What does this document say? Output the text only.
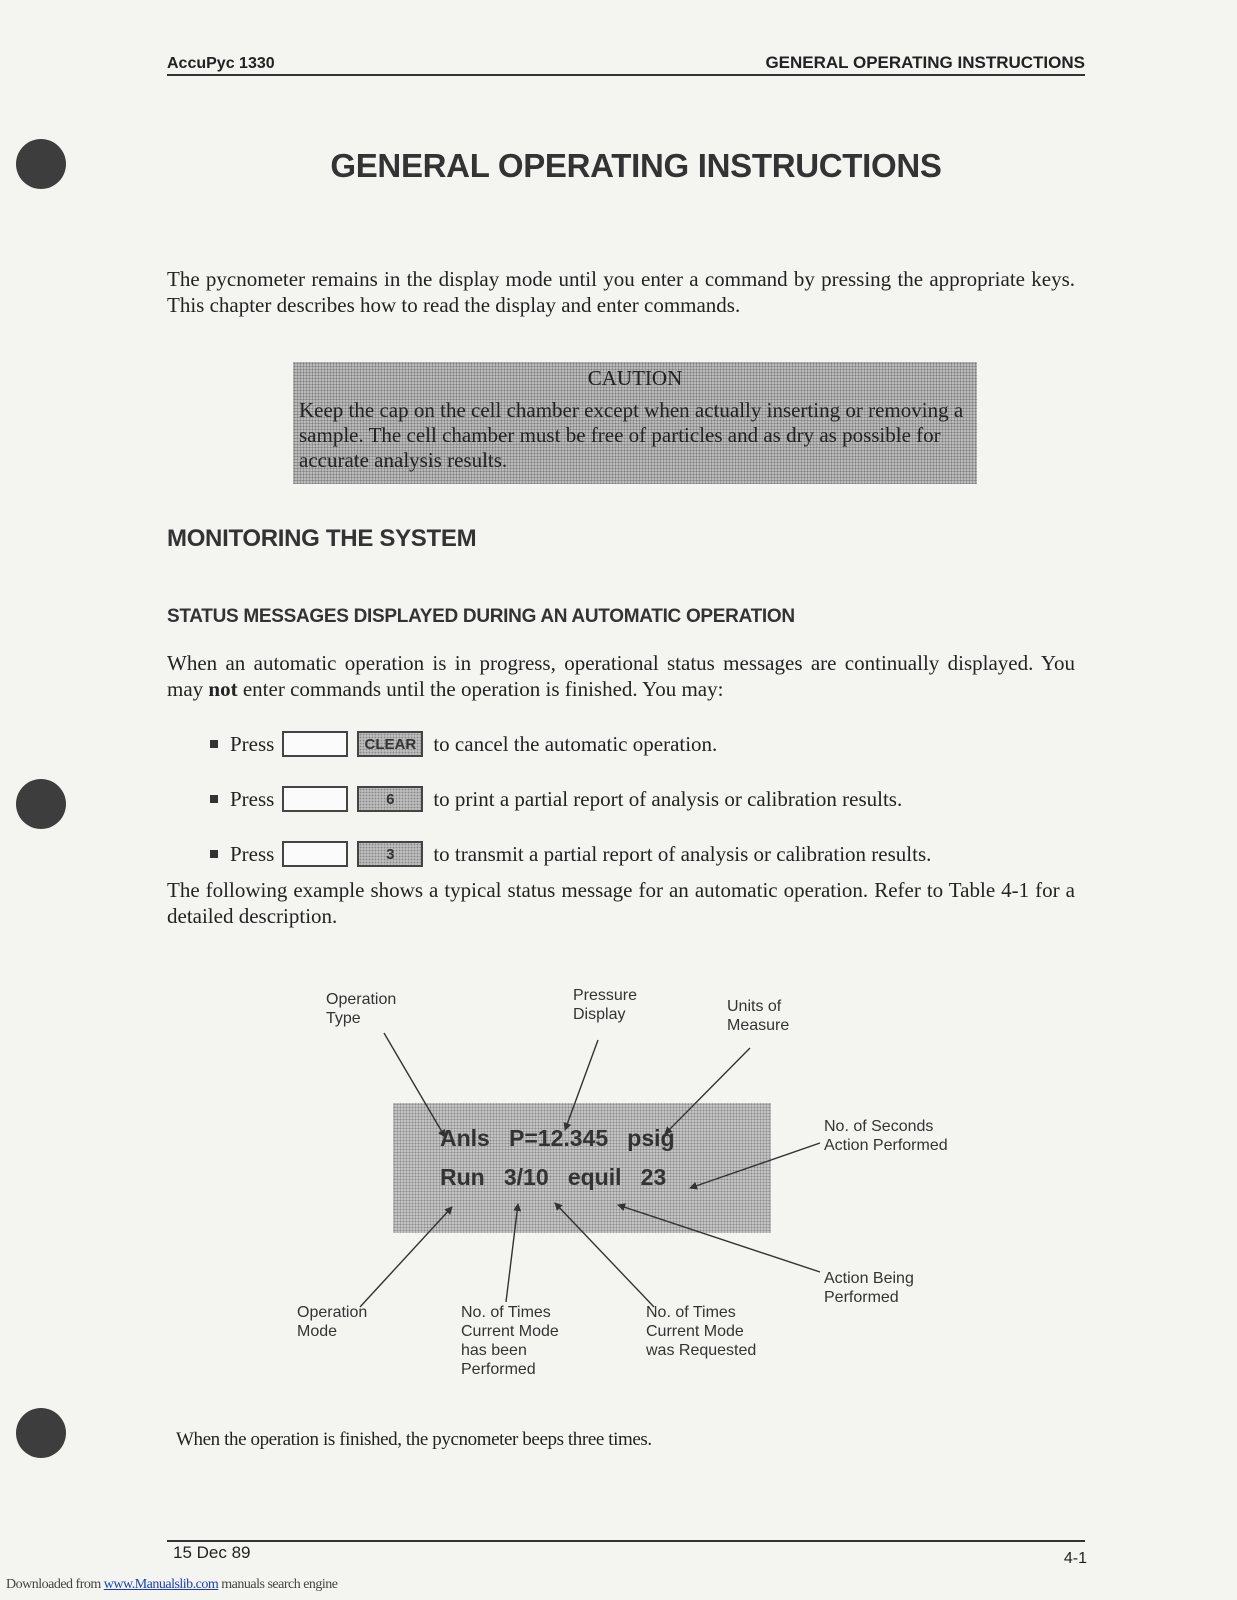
AccuPyc 1330	GENERAL OPERATING INSTRUCTIONS
GENERAL OPERATING INSTRUCTIONS
The pycnometer remains in the display mode until you enter a command by pressing the appropriate keys. This chapter describes how to read the display and enter commands.
CAUTION
Keep the cap on the cell chamber except when actually inserting or removing a sample. The cell chamber must be free of particles and as dry as possible for accurate analysis results.
MONITORING THE SYSTEM
STATUS MESSAGES DISPLAYED DURING AN AUTOMATIC OPERATION
When an automatic operation is in progress, operational status messages are continually displayed. You may not enter commands until the operation is finished. You may:
Press	CLEAR to cancel the automatic operation.
Press	6	to print a partial report of analysis or calibration results.
Press	3	to transmit a partial report of analysis or calibration results.
The following example shows a typical status message for an automatic operation. Refer to Table 4-1 for a detailed description.
Anls   P=12.345   psig
Run   3/10   equil   23
Operation
Type
Pressure
Display	Units of
Measure
No. of Seconds
Action Performed
Action Being
Performed
Operation
Mode
No. of Times
Current Mode
has been
Performed
No. of Times
Current Mode
was Requested
When the operation is finished, the pycnometer beeps three times.
15 Dec 89	4-1
Downloaded from www.Manualslib.com manuals search engine
